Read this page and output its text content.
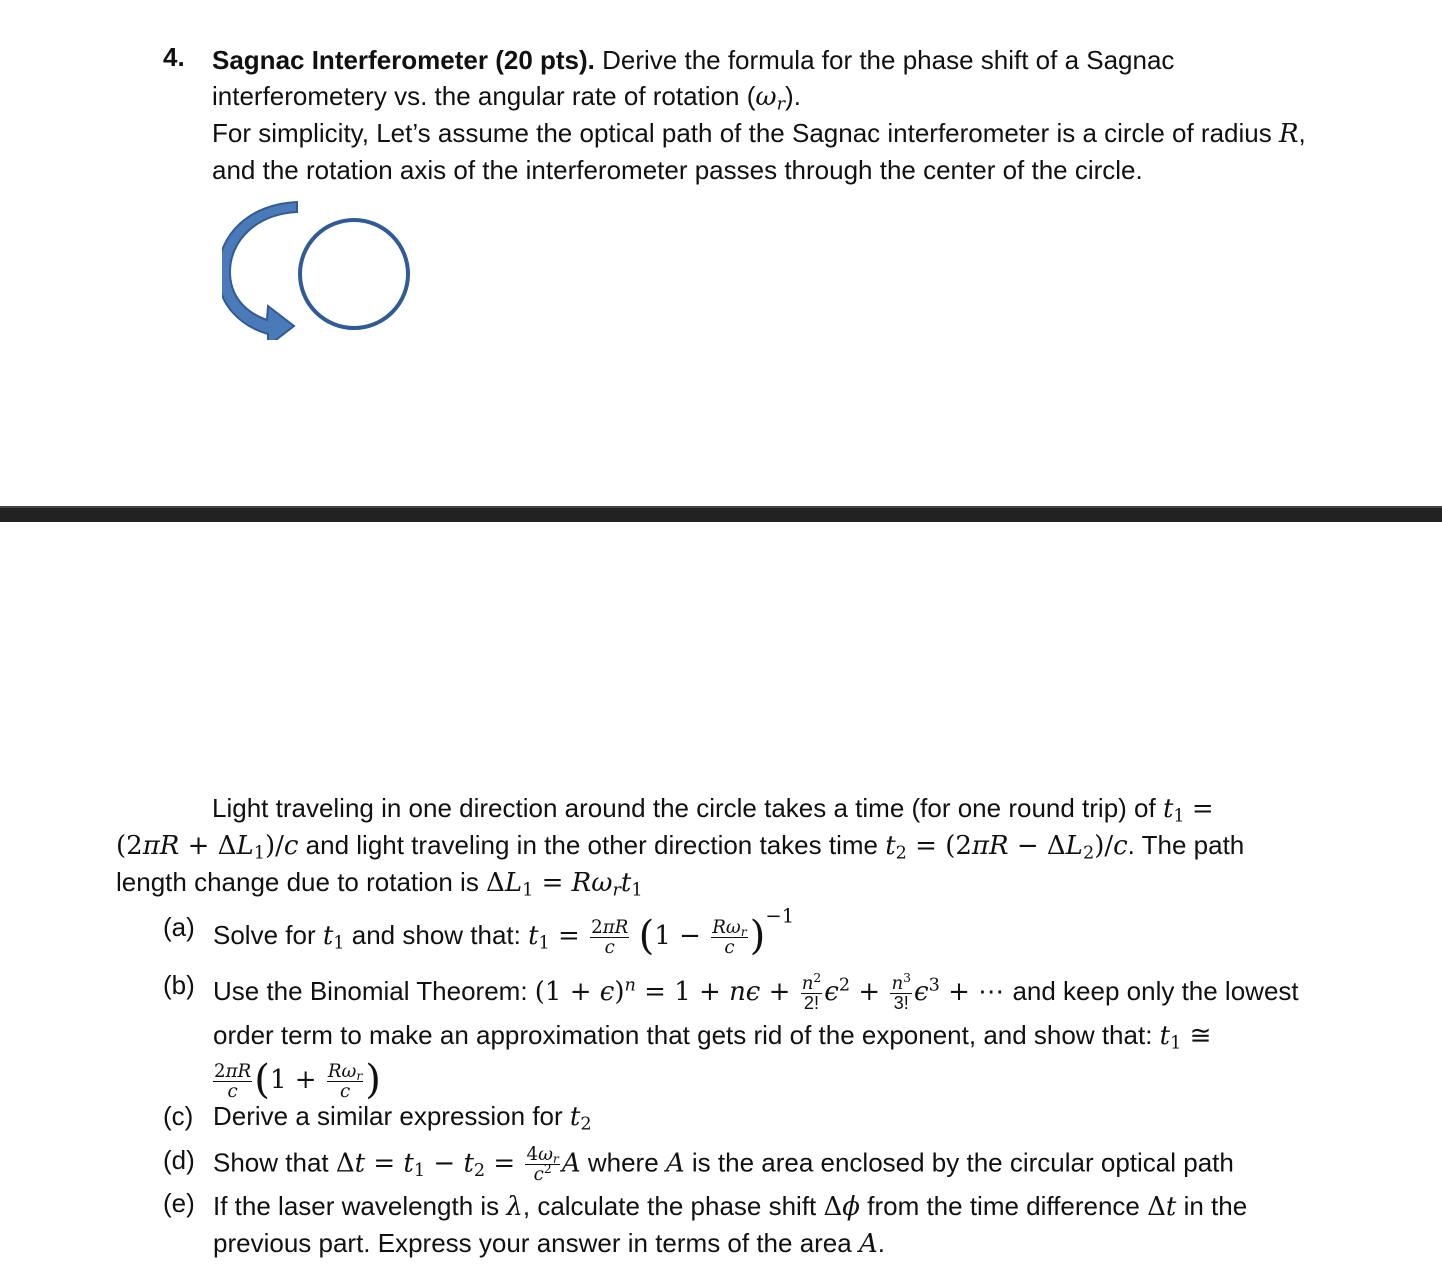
4. Sagnac Interferometer (20 pts). Derive the formula for the phase shift of a Sagnac
interferometery vs. the angular rate of rotation $(\omega_r)$.
For simplicity, Let’s assume the optical path of the Sagnac interferometer is a circle of radius R,
and the rotation axis of the interferometer passes through the center of the circle.
Light traveling in one direction around the circle takes a time (for one round trip) of $t_1$ =
$(2\pi R + \Delta L_1)/c$ and light traveling in the other direction takes time $t_2 = (2\pi R - \Delta L_2)/c$. The path
length change due to rotation is $\Delta L_1 = R\omega_rt_1$
(a) Solve for $t_1$ and show that: $t_1 = \frac{2\pi R}{c} (1 - \frac{R\omega_r}{c} )^{-1}$
(b) Use the Binomial Theorem: $(1 + \epsilon)^n = 1 + n\epsilon + \frac{n^2}{2!} \epsilon^2 + \frac{n^3}{3!} \epsilon^3$ + ⋯ and keep only the lowest
order term to make an approximation that gets rid of the exponent, and show that: $t_1$ ≅

$\frac{2\pi R}{c} (1 + \frac{R\omega_r}{c}$ )
(c) Derive a similar expression for $t_2$
(d) Show that $\Delta t = t_1 - t_2 = \frac{4\omega_r}{c^2}$ A where A is the area enclosed by the circular optical path
(e) If the laser wavelength is λ, calculate the phase shift Δϕ from the time difference Δt in the
previous part. Express your answer in terms of the area A.
